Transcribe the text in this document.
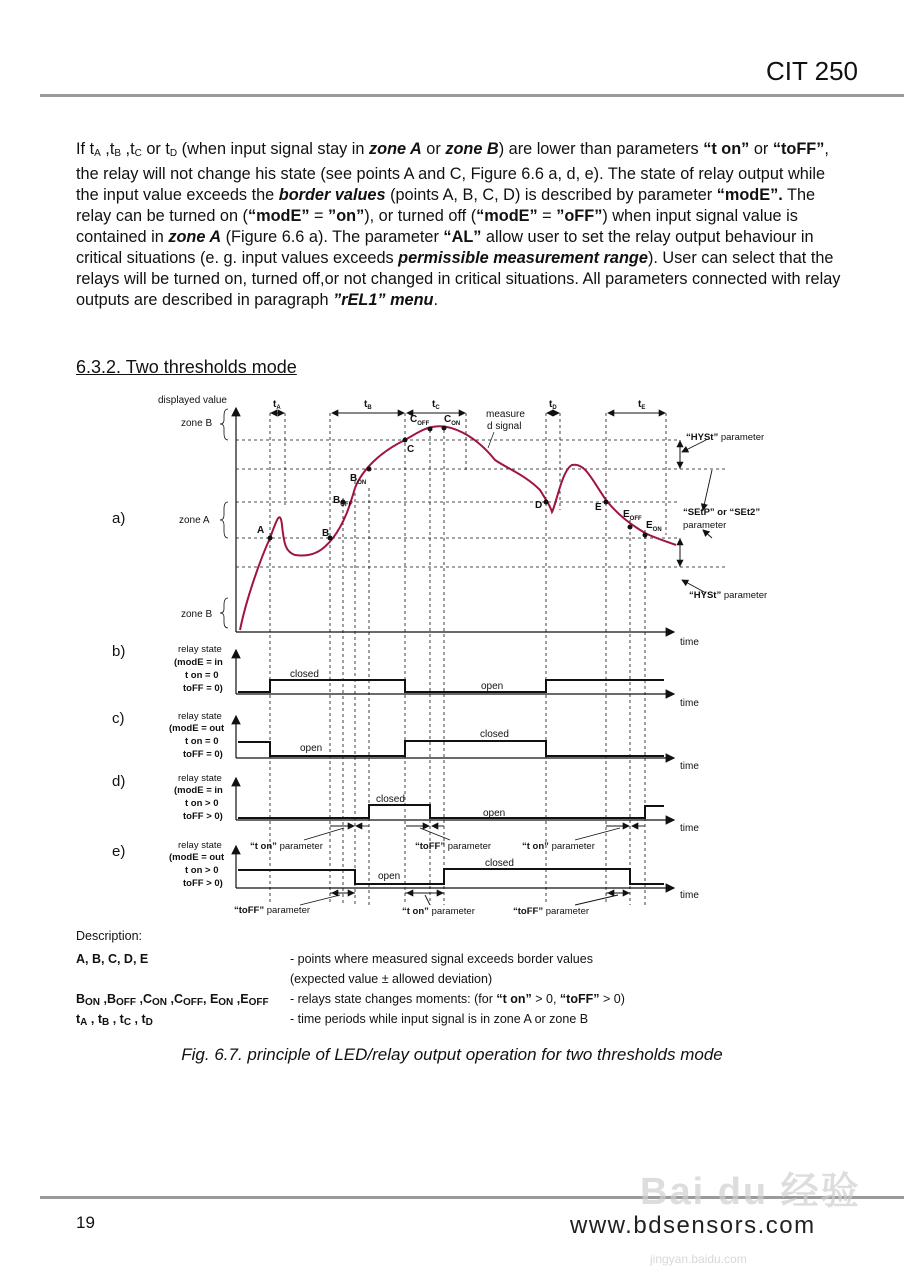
CIT 250
If $t_A$ $,t_B$ $,t_C$ or $t_D$ (when input signal stay in zone A or zone B) are lower than parameters “t on” or “toFF”, the relay will not change his state (see points A and C, Figure 6.6 a, d, e). The state of relay output while the input value exceeds the border values (points A, B, C, D) is described by parameter “modE”. The relay can be turned on (“modE” = ”on”), or turned off (“modE” = ”oFF”) when input signal value is contained in zone A (Figure 6.6 a). The parameter “AL” allow user to set the relay output behaviour in critical situations (e. g. input values exceeds permissible measurement range). User can select that the relays will be turned on, turned off,or not changed in critical situations. All parameters connected with relay outputs are described in paragraph ”rEL1” menu.
6.3.2. Two thresholds mode
a)
b)
c)
d)
e)
displayed value
time
zone B
zone A
zone B
$t_A$	$t_B$	$t_C$	$t_D$	$t_E$
A	B
C
D	E
$B_{OFF}$
$B_{ON}$
$C_{OFF}$ $C_{ON}$
$E_{OFF}$
$E_{ON}$
measure
d signal
“HYSt” parameter
“SEtP” or “SEt2”
parameter
“HYSt” parameter
relay state
(modE = in
t on = 0
toFF = 0)
time
closed
open
relay state
(modE = out
t on = 0
toFF = 0)
time
open
closed
relay state
(modE = in
t on > 0
toFF > 0)
time
closed
open
“t on” parameter	“toFF” parameter	“t on” parameter
relay state
(modE = out
t on > 0
toFF > 0)
time
open
closed
“toFF” parameter	“t on” parameter	“toFF” parameter
Description:
A, B, C, D, E	- points where measured signal exceeds border values
(expected value ± allowed deviation)
$B_{ON}$ $,B_{OFF}$ $,C_{ON}$ $,C_{OFF}$, $E_{ON}$ $,E_{OFF}$ - relays state changes moments: (for “t on” > 0, “toFF” > 0)
$t_A$ , $t_B$ , $t_C$ , $t_D$	- time periods while input signal is in zone A or zone B
Fig. 6.7. principle of LED/relay output operation for two thresholds mode
Bai du 经验
jingyan.baidu.com
19	www.bdsensors.com
